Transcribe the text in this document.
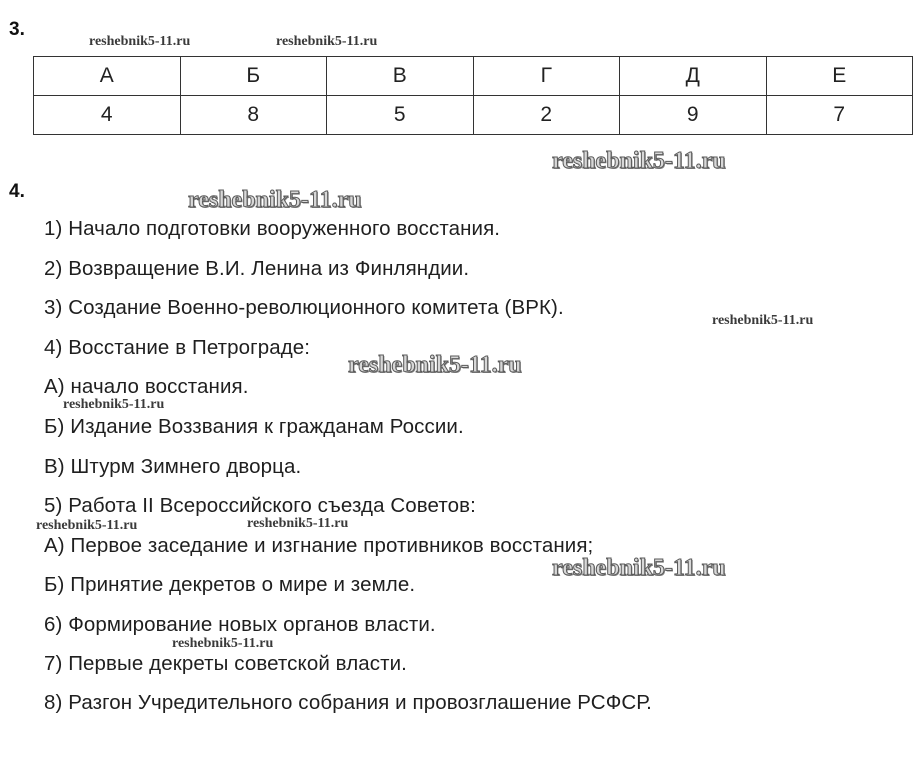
3.
А	Б	В	Г	Д	Е
4	8	5	2	9	7
4.
1) Начало подготовки вооруженного восстания.
2) Возвращение В.И. Ленина из Финляндии.
3) Создание Военно-революционного комитета (ВРК).
4) Восстание в Петрограде:
А) начало восстания.
Б) Издание Воззвания к гражданам России.
В) Штурм Зимнего дворца.
5) Работа II Всероссийского съезда Советов:
А) Первое заседание и изгнание противников восстания;
Б) Принятие декретов о мире и земле.
6) Формирование новых органов власти.
7) Первые декреты советской власти.
8) Разгон Учредительного собрания и провозглашение РСФСР.
reshebnik5-11.ru	reshebnik5-11.ru
reshebnik5-11.ru
reshebnik5-11.ru
reshebnik5-11.ru
reshebnik5-11.ru
reshebnik5-11.ru
reshebnik5-11.ru	reshebnik5-11.ru
reshebnik5-11.ru
reshebnik5-11.ru
